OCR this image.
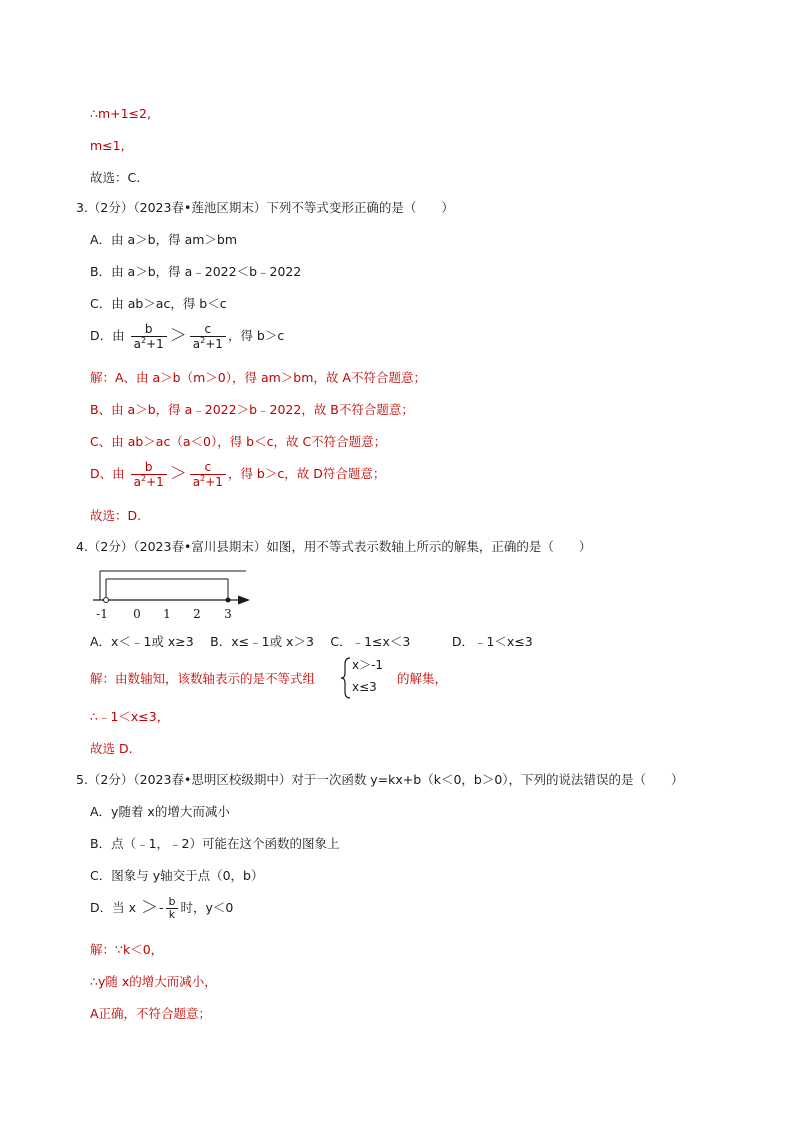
∴m+1≤2,
m≤1,
故选：C.
3.（2分）（2023春•莲池区期末）下列不等式变形正确的是（　　）
A．由 a＞b，得 am＞bm
B．由 a＞b，得 a﹣2022＜b﹣2022
C．由 ab＞ac，得 b＜c
D．由 $\frac{b}{a^2+1} > \frac{c}{a^2+1}$ ，得 b＞c
解：A、由 a＞b（m＞0），得 am＞bm，故 A不符合题意；
B、由 a＞b，得 a﹣2022＞b﹣2022，故 B不符合题意；
C、由 ab＞ac（a＜0），得 b＜c，故 C不符合题意；
D、由 $\frac{b}{a^2+1} > \frac{c}{a^2+1}$ ，得 b＞c，故 D符合题意；
故选：D.
4.（2分）（2023春•富川县期末）如图，用不等式表示数轴上所示的解集，正确的是（　　）
-1 0 1 2 3
A．x＜﹣1或 x≥3　 B．x≤﹣1或 x＞3　 C．﹣1≤x＜3　　　 D．﹣1＜x≤3
解：由数轴知，该数轴表示的是不等式组
x＞-1
x≤3
的解集，
∴﹣1＜x≤3，
故选 D.
5.（2分）（2023春•思明区校级期中）对于一次函数 y=kx+b（k＜0，b＞0），下列的说法错误的是（　　）
A．y随着 x的增大而减小
B．点（﹣1，﹣2）可能在这个函数的图象上
C．图象与 y轴交于点（0，b）
D．当 $x >- \frac{b}{k}$ 时，y＜0
解：∵k＜0，
∴y随 x的增大而减小，
A正确，不符合题意；
